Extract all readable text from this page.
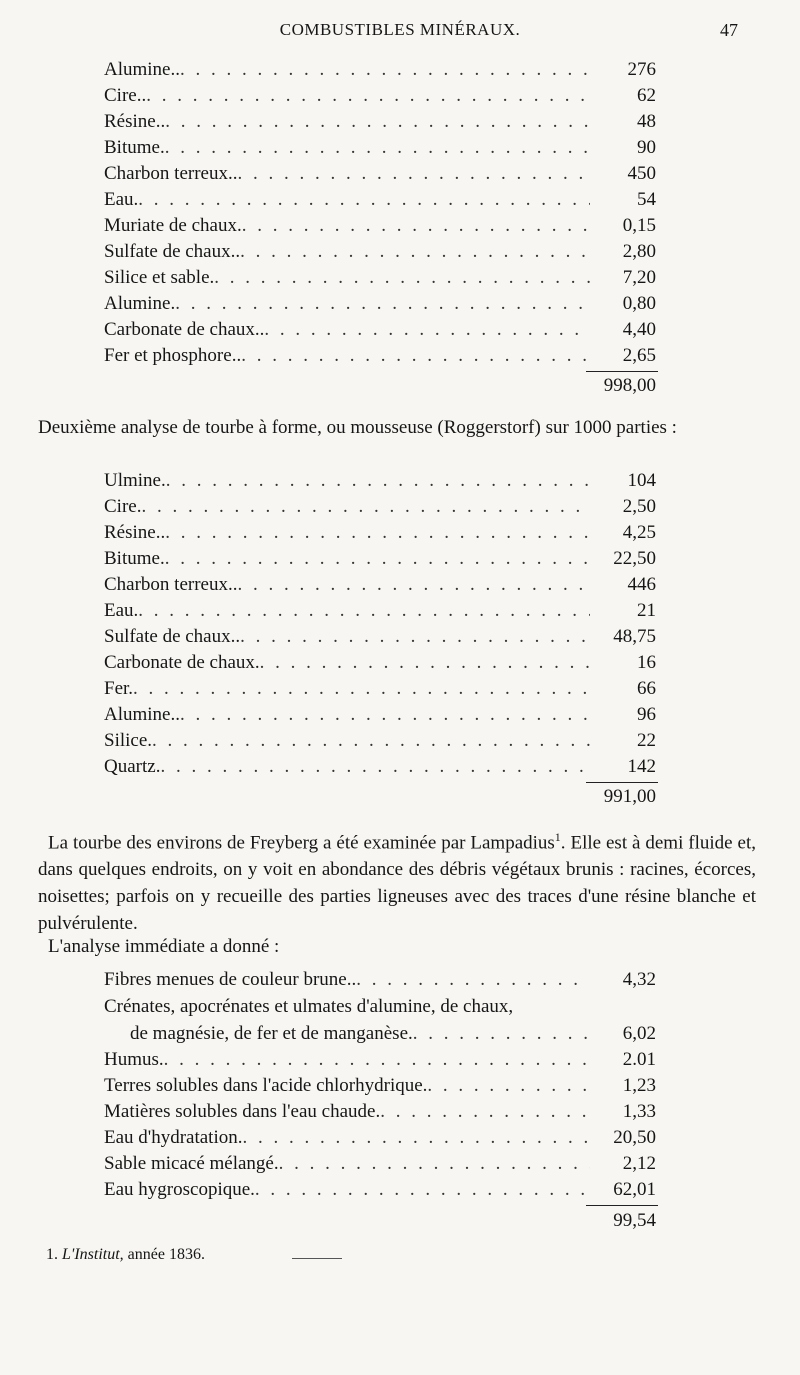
COMBUSTIBLES MINÉRAUX.	47
Alumine.. . . .	276
Cire.. . . .	62
Résine.. . . .	48
Bitume. . . .	90
Charbon terreux.. . . .	450
Eau. . . .	54
Muriate de chaux. . . .	0,15
Sulfate de chaux.. . . .	2,80
Silice et sable. . . .	7,20
Alumine. . . .	0,80
Carbonate de chaux.. . . .	4,40
Fer et phosphore.. . . .	2,65
998,00
Deuxième analyse de tourbe à forme, ou mousseuse (Roggerstorf) sur 1000 parties :
Ulmine. . . .	104
Cire. . . .	2,50
Résine.. . . .	4,25
Bitume. . . .	22,50
Charbon terreux.. . . .	446
Eau. . . .	21
Sulfate de chaux.. . . .	48,75
Carbonate de chaux. . . .	16
Fer. . . .	66
Alumine.. . . .	96
Silice. . . .	22
Quartz. . . .	142
991,00
La tourbe des environs de Freyberg a été examinée par Lampadius$^1$. Elle est à demi fluide et, dans quelques endroits, on y voit en abondance des débris végétaux brunis : racines, écorces, noisettes; parfois on y recueille des parties ligneuses avec des traces d'une résine blanche et pulvérulente.
L'analyse immédiate a donné :
Fibres menues de couleur brune.. . . .	4,32
Crénates, apocrénates et ulmates d'alumine, de chaux,
de magnésie, de fer et de manganèse. . . .	6,02
Humus. . . .	2.01
Terres solubles dans l'acide chlorhydrique. . . .	1,23
Matières solubles dans l'eau chaude. . . .	1,33
Eau d'hydratation. . . .	20,50
Sable micacé mélangé. . . .	2,12
Eau hygroscopique. . . .	62,01
99,54
1. L'Institut, année 1836.
